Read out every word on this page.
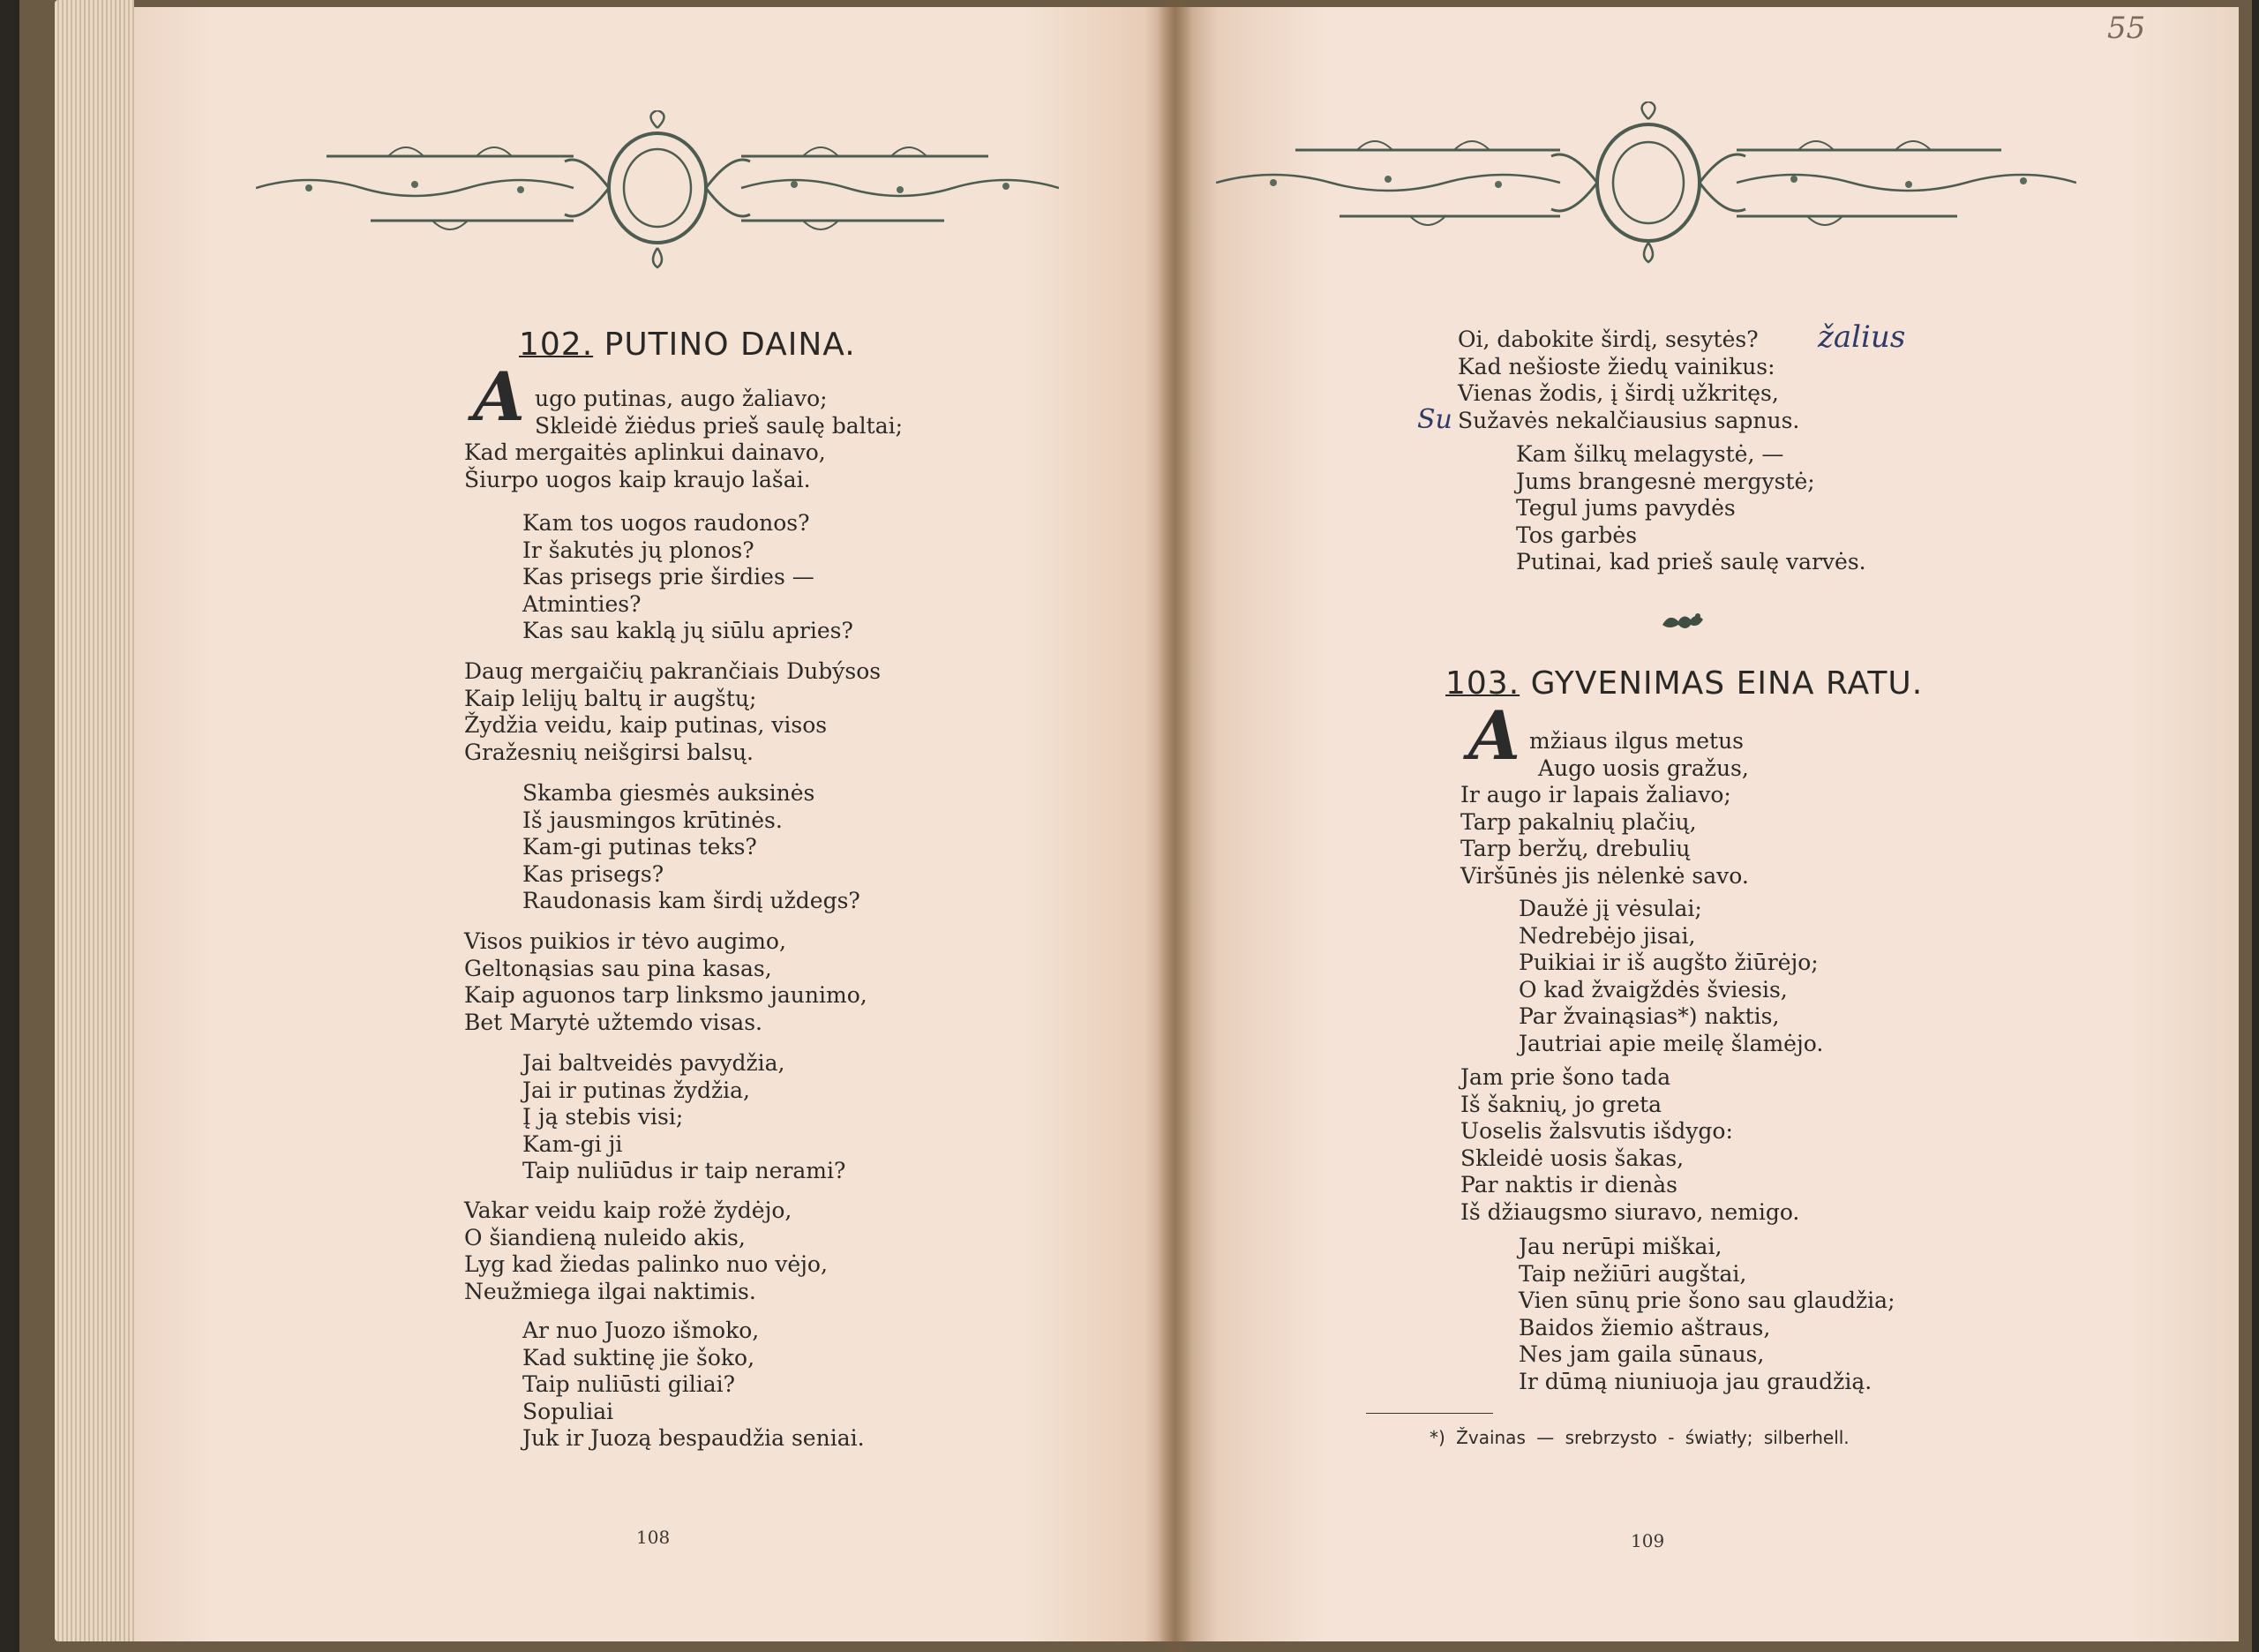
102. PUTINO DAINA.
A ugo putinas, augo žaliavo;
Skleidė žiėdus prieš saulę baltai;
Kad mergaitės aplinkui dainavo,
Šiurpo uogos kaip kraujo lašai.
Kam tos uogos raudonos?
Ir šakutės jų plonos?
Kas prisegs prie širdies —
Atminties?
Kas sau kaklą jų siūlu apries?
Daug mergaičių pakrančiais Dubýsos
Kaip lelijų baltų ir augštų;
Žydžia veidu, kaip putinas, visos
Gražesnių neišgirsi balsų.
Skamba giesmės auksinės
Iš jausmingos krūtinės.
Kam-gi putinas teks?
Kas prisegs?
Raudonasis kam širdį uždegs?
Visos puikios ir tėvo augimo,
Geltonąsias sau pina kasas,
Kaip aguonos tarp linksmo jaunimo,
Bet Marytė užtemdo visas.
Jai baltveidės pavydžia,
Jai ir putinas žydžia,
Į ją stebis visi;
Kam-gi ji
Taip nuliūdus ir taip nerami?
Vakar veidu kaip rožė žydėjo,
O šiandieną nuleido akis,
Lyg kad žiedas palinko nuo vėjo,
Neužmiega ilgai naktimis.
Ar nuo Juozo išmoko,
Kad suktinę jie šoko,
Taip nuliūsti giliai?
Sopuliai
Juk ir Juozą bespaudžia seniai.
108
55
Oi, dabokite širdį, sesytės?
Kad nešioste žiedų vainikus:
Vienas žodis, į širdį užkritęs,
Sužavės nekalčiausius sapnus.
žalius
Su
Kam šilkų melagystė, —
Jums brangesnė mergystė;
Tegul jums pavydės
Tos garbės
Putinai, kad prieš saulę varvės.
103. GYVENIMAS EINA RATU.
A mžiaus ilgus metus
Augo uosis gražus,
Ir augo ir lapais žaliavo;
Tarp pakalnių plačių,
Tarp beržų, drebulių
Viršūnės jis nėlenkė savo.
Daužė jį vėsulai;
Nedrebėjo jisai,
Puikiai ir iš augšto žiūrėjo;
O kad žvaigždės šviesis,
Par žvainąsias*) naktis,
Jautriai apie meilę šlamėjo.
Jam prie šono tada
Iš šaknių, jo greta
Uoselis žalsvutis išdygo:
Skleidė uosis šakas,
Par naktis ir dienàs
Iš džiaugsmo siuravo, nemigo.
Jau nerūpi miškai,
Taip nežiūri augštai,
Vien sūnų prie šono sau glaudžia;
Baidos žiemio aštraus,
Nes jam gaila sūnaus,
Ir dūmą niuniuoja jau graudžią.
*) Žvainas — srebrzysto - światły; silberhell.
109
